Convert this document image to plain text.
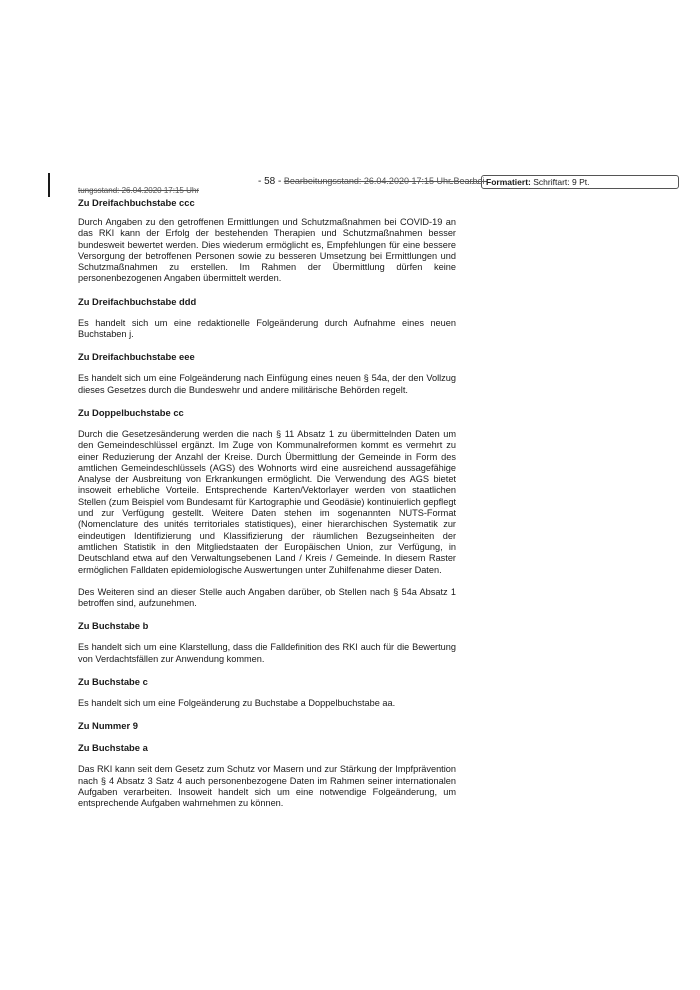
- 58 - Bearbeitungsstand: 26.04.2020 17:15 Uhr Bearbei-
Formatiert: Schriftart: 9 Pt.
tungsstand: 26.04.2020 17:15 Uhr
Zu Dreifachbuchstabe ccc

Durch Angaben zu den getroffenen Ermittlungen und Schutzmaßnahmen bei COVID-19 an das RKI kann der Erfolg der bestehenden Therapien und Schutzmaßnahmen besser bundesweit bewertet werden. Dies wiederum ermöglicht es, Empfehlungen für eine bessere Versorgung der betroffenen Personen sowie zu besseren Umsetzung bei Ermittlungen und Schutzmaßnahmen zu erstellen. Im Rahmen der Übermittlung dürfen keine personenbezogenen Angaben übermittelt werden.

Zu Dreifachbuchstabe ddd

Es handelt sich um eine redaktionelle Folgeänderung durch Aufnahme eines neuen Buchstaben j.

Zu Dreifachbuchstabe eee

Es handelt sich um eine Folgeänderung nach Einfügung eines neuen § 54a, der den Vollzug dieses Gesetzes durch die Bundeswehr und andere militärische Behörden regelt.

Zu Doppelbuchstabe cc

Durch die Gesetzesänderung werden die nach § 11 Absatz 1 zu übermittelnden Daten um den Gemeindeschlüssel ergänzt. Im Zuge von Kommunalreformen kommt es vermehrt zu einer Reduzierung der Anzahl der Kreise. Durch Übermittlung der Gemeinde in Form des amtlichen Gemeindeschlüssels (AGS) des Wohnorts wird eine ausreichend aussagefähige Analyse der Ausbreitung von Erkrankungen ermöglicht. Die Verwendung des AGS bietet insoweit erhebliche Vorteile. Entsprechende Karten/Vektorlayer werden von staatlichen Stellen (zum Beispiel vom Bundesamt für Kartographie und Geodäsie) kontinuierlich gepflegt und zur Verfügung gestellt. Weitere Daten stehen im sogenannten NUTS-Format (Nomenclature des unités territoriales statistiques), einer hierarchischen Systematik zur eindeutigen Identifizierung und Klassifizierung der räumlichen Bezugseinheiten der amtlichen Statistik in den Mitgliedstaaten der Europäischen Union, zur Verfügung, in Deutschland etwa auf den Verwaltungsebenen Land / Kreis / Gemeinde. In diesem Raster ermöglichen Falldaten epidemiologische Auswertungen unter Zuhilfenahme dieser Daten.

Des Weiteren sind an dieser Stelle auch Angaben darüber, ob Stellen nach § 54a Absatz 1 betroffen sind, aufzunehmen.

Zu Buchstabe b

Es handelt sich um eine Klarstellung, dass die Falldefinition des RKI auch für die Bewertung von Verdachtsfällen zur Anwendung kommen.

Zu Buchstabe c

Es handelt sich um eine Folgeänderung zu Buchstabe a Doppelbuchstabe aa.

Zu Nummer 9
Zu Buchstabe a

Das RKI kann seit dem Gesetz zum Schutz vor Masern und zur Stärkung der Impfprävention nach § 4 Absatz 3 Satz 4 auch personenbezogene Daten im Rahmen seiner internationalen Aufgaben verarbeiten. Insoweit handelt sich um eine notwendige Folgeänderung, um entsprechende Aufgaben wahrnehmen zu können.
